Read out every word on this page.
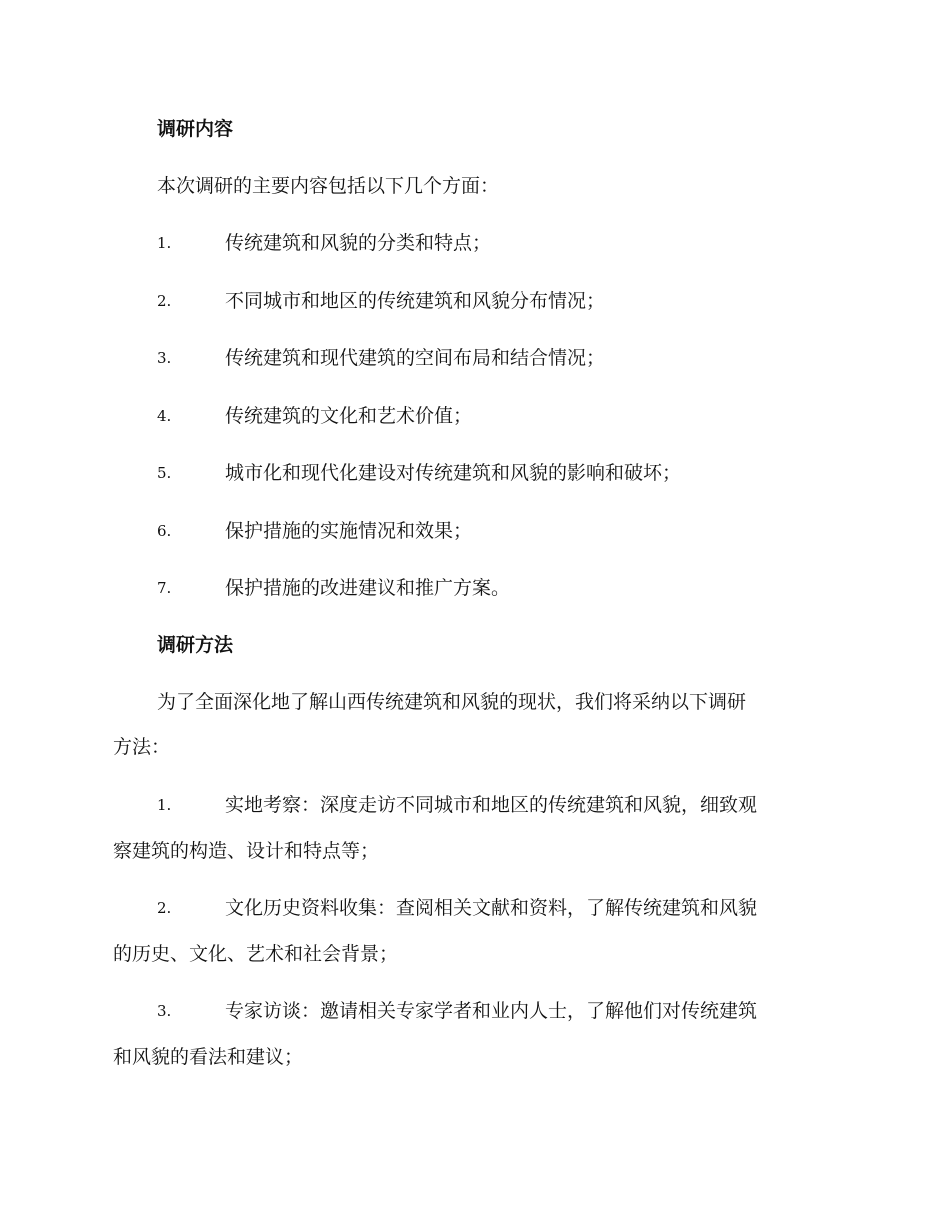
调研内容
本次调研的主要内容包括以下几个方面：
1.	传统建筑和风貌的分类和特点；
2.	不同城市和地区的传统建筑和风貌分布情况；
3.	传统建筑和现代建筑的空间布局和结合情况；
4.	传统建筑的文化和艺术价值；
5.	城市化和现代化建设对传统建筑和风貌的影响和破坏；
6.	保护措施的实施情况和效果；
7.	保护措施的改进建议和推广方案。
调研方法
为了全面深化地了解山西传统建筑和风貌的现状，我们将采纳以下调研
方法：
1.	实地考察：深度走访不同城市和地区的传统建筑和风貌，细致观
察建筑的构造、设计和特点等；
2.	文化历史资料收集：查阅相关文献和资料，了解传统建筑和风貌
的历史、文化、艺术和社会背景；
3.	专家访谈：邀请相关专家学者和业内人士，了解他们对传统建筑
和风貌的看法和建议；
